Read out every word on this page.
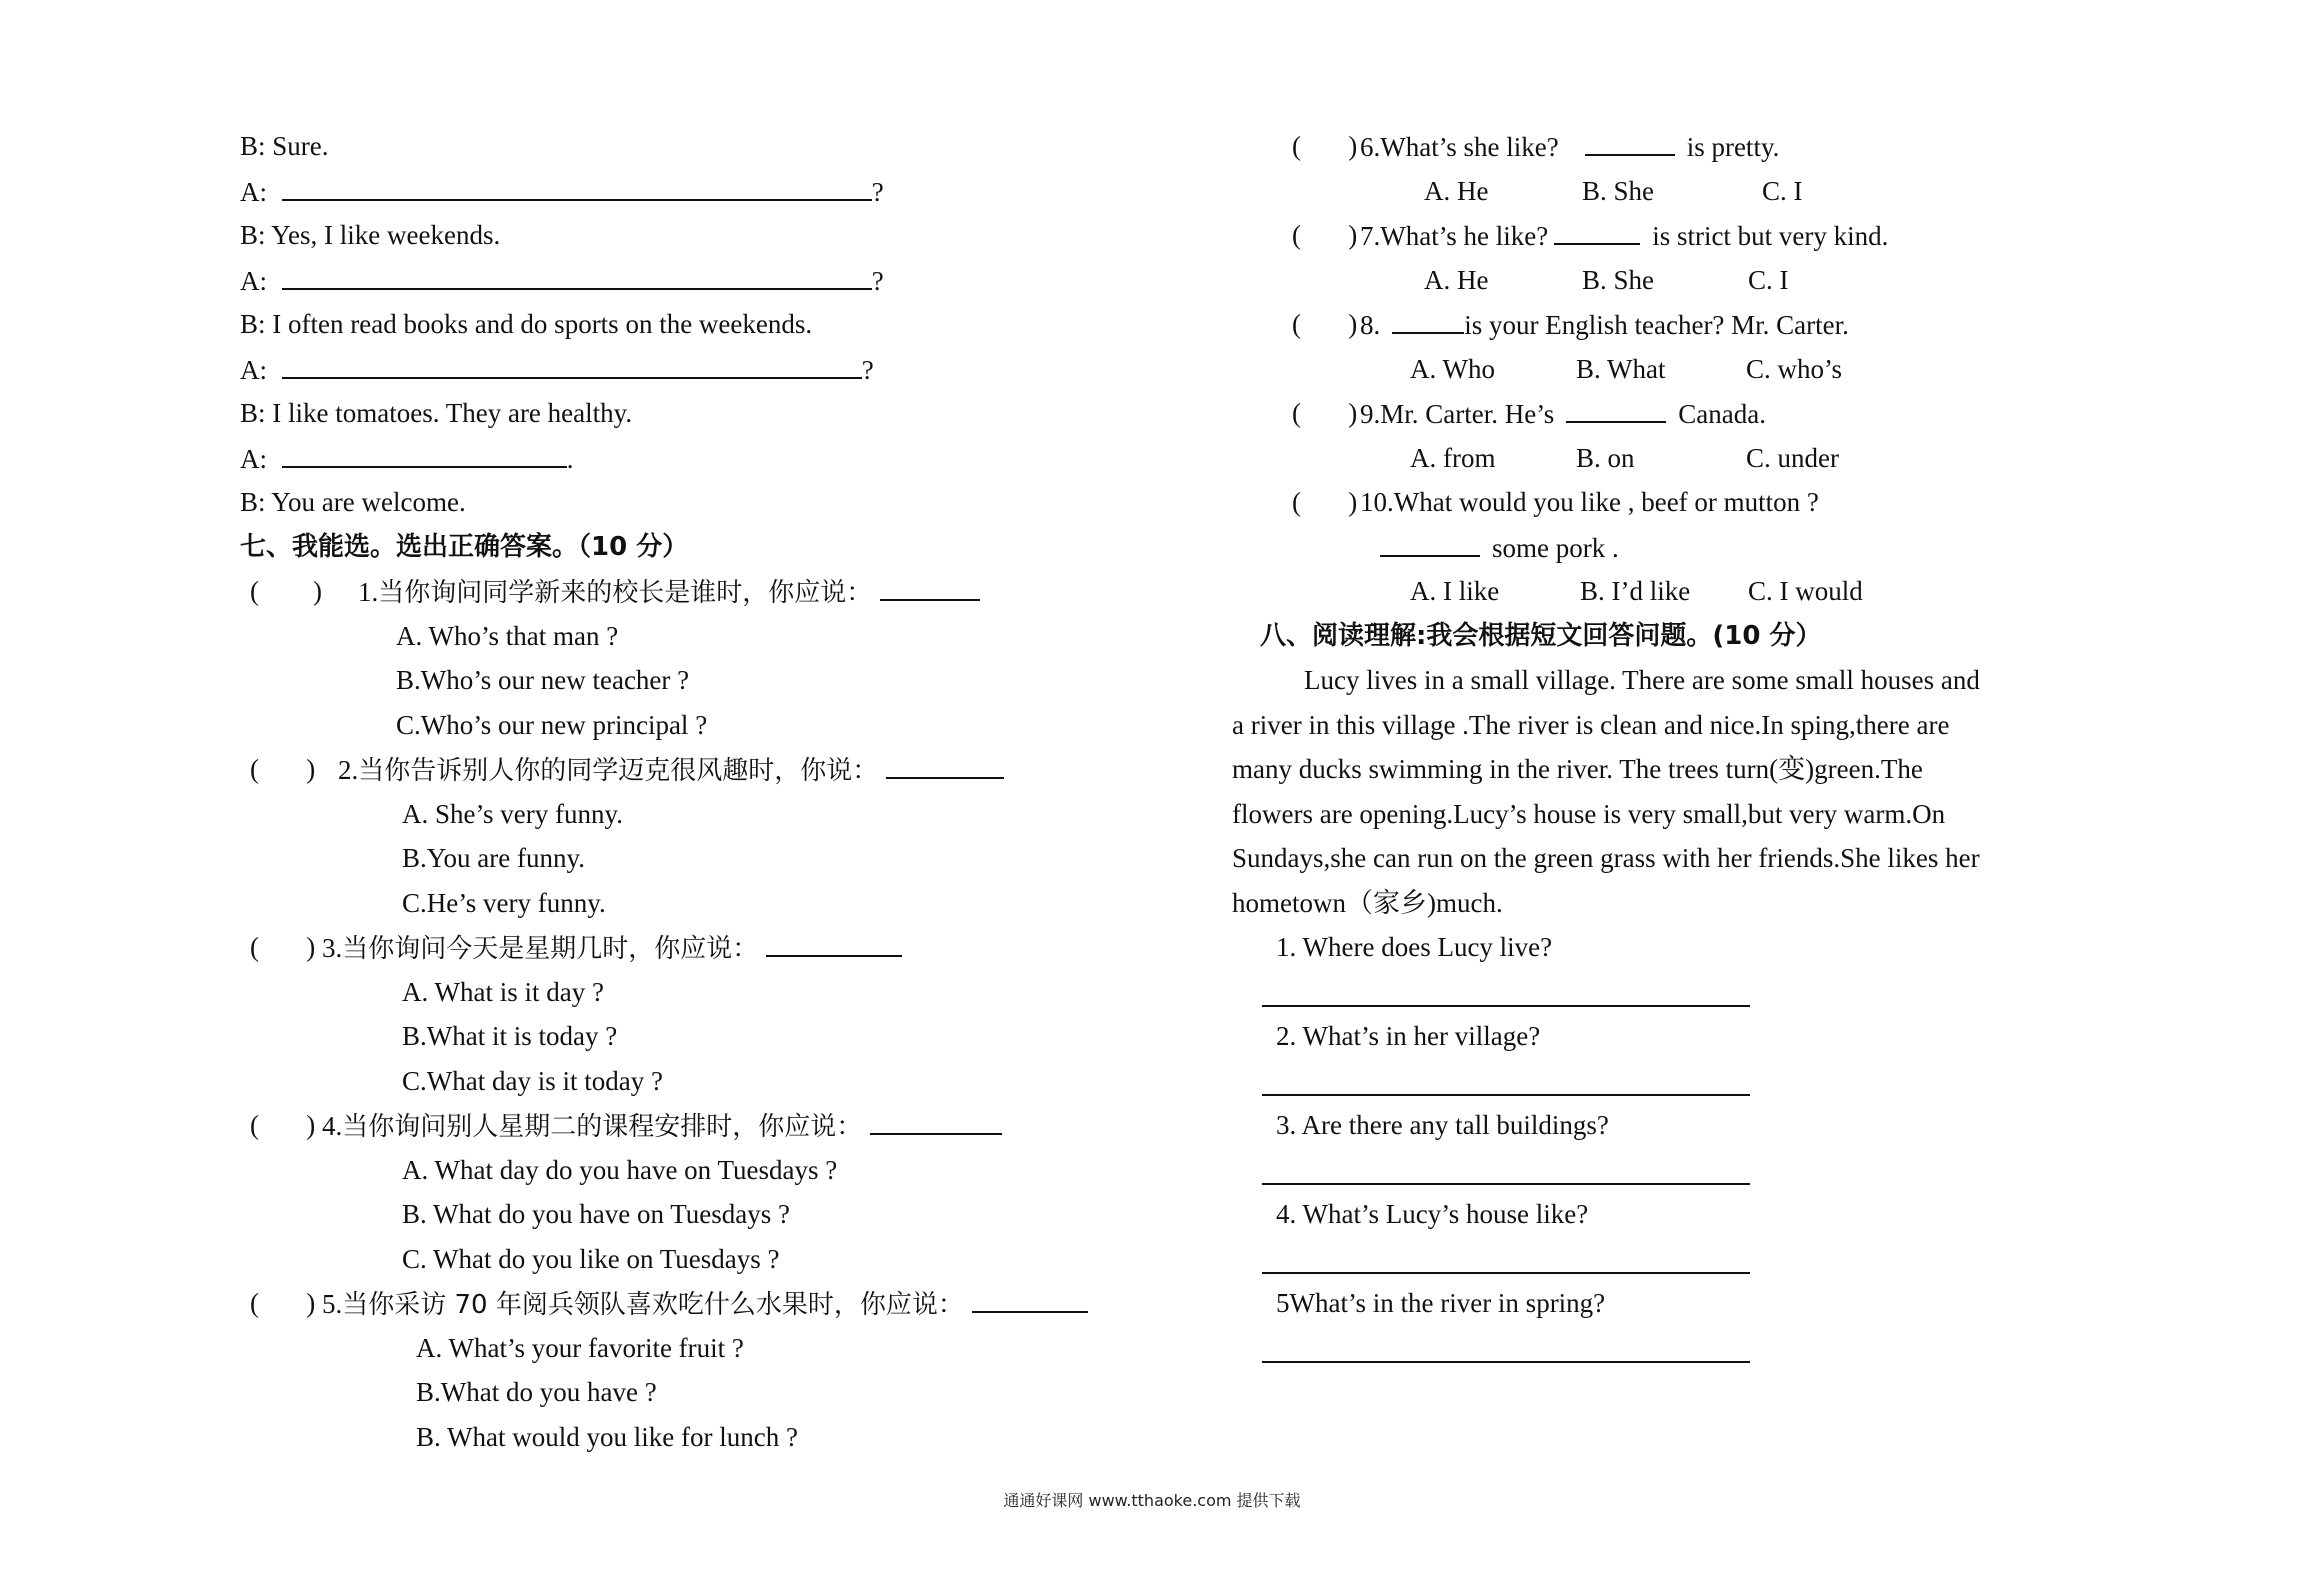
B: Sure.
A:	?
B: Yes, I like weekends.
A:	?
B: I often read books and do sports on the weekends.
A:	?
B: I like tomatoes. They are healthy.
A:	.
B: You are welcome.
七、我能选。选出正确答案。（10 分）
(        ) 1.当你询问同学新来的校长是谁时，你应说：
A. Who’s that man ?
B.Who’s our new teacher ?
C.Who’s our new principal ?
(       ) 2.当你告诉别人你的同学迈克很风趣时，你说：
A. She’s very funny.
B.You are funny.
C.He’s very funny.
(       ) 3.当你询问今天是星期几时，你应说：
A. What is it day ?
B.What it is today ?
C.What day is it today ?
(       ) 4.当你询问别人星期二的课程安排时，你应说：
A. What day do you have on Tuesdays ?
B. What do you have on Tuesdays ?
C. What do you like on Tuesdays ?
(       ) 5.当你采访 70 年阅兵领队喜欢吃什么水果时，你应说：
A. What’s your favorite fruit ?
B.What do you have ?
B. What would you like for lunch ?
(       ) 6.What’s she like?	is pretty.
A. He	B. She	C. I
(       ) 7.What’s he like?	is strict but very kind.
A. He	B. She	C. I
(       ) 8.	is your English teacher? Mr. Carter.
A. Who	B. What	C. who’s
(       ) 9.Mr. Carter. He’s	Canada.
A. from	B. on	C. under
(       ) 10.What would you like , beef or mutton ?
some pork .
A. I like	B. I’d like C. I would
八、阅读理解:我会根据短文回答问题。(10 分）
Lucy lives in a small village. There are some small houses and
a river in this village .The river is clean and nice.In sping,there are
many ducks swimming in the river. The trees turn(变)green.The
flowers are opening.Lucy’s house is very small,but very warm.On
Sundays,she can run on the green grass with her friends.She likes her
hometown（家乡)much.
1. Where does Lucy live?
2. What’s in her village?
3. Are there any tall buildings?
4. What’s Lucy’s house like?
5What’s in the river in spring?
通通好课网 www.tthaoke.com 提供下载
